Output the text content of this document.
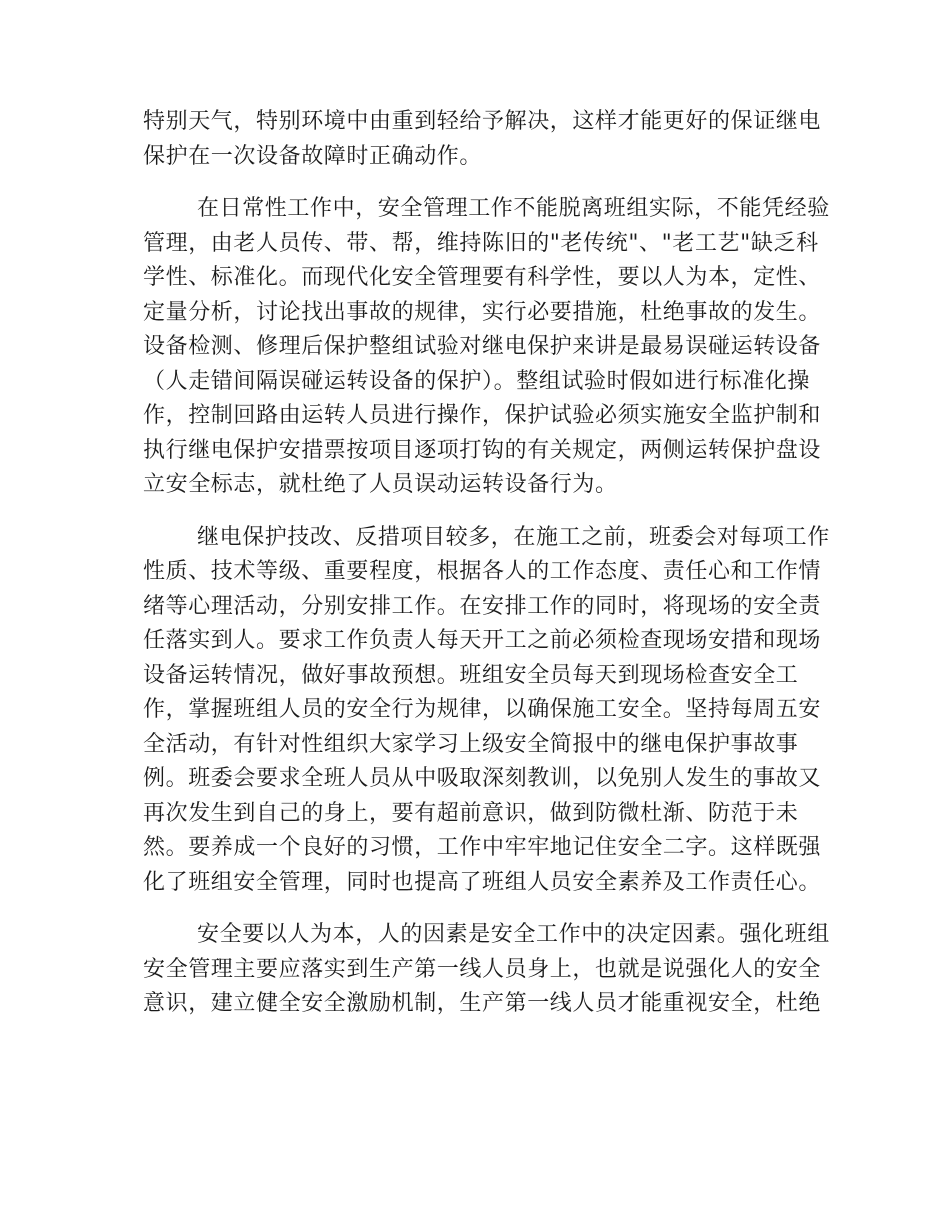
特别天气，特别环境中由重到轻给予解决，这样才能更好的保证继电
保护在一次设备故障时正确动作。

在日常性工作中，安全管理工作不能脱离班组实际，不能凭经验
管理，由老人员传、带、帮，维持陈旧的"老传统"、"老工艺"缺乏科
学性、标准化。而现代化安全管理要有科学性，要以人为本，定性、
定量分析，讨论找出事故的规律，实行必要措施，杜绝事故的发生。
设备检测、修理后保护整组试验对继电保护来讲是最易误碰运转设备
（人走错间隔误碰运转设备的保护）。整组试验时假如进行标准化操
作，控制回路由运转人员进行操作，保护试验必须实施安全监护制和
执行继电保护安措票按项目逐项打钩的有关规定，两侧运转保护盘设
立安全标志，就杜绝了人员误动运转设备行为。

继电保护技改、反措项目较多，在施工之前，班委会对每项工作
性质、技术等级、重要程度，根据各人的工作态度、责任心和工作情
绪等心理活动，分别安排工作。在安排工作的同时，将现场的安全责
任落实到人。要求工作负责人每天开工之前必须检查现场安措和现场
设备运转情况，做好事故预想。班组安全员每天到现场检查安全工
作，掌握班组人员的安全行为规律，以确保施工安全。坚持每周五安
全活动，有针对性组织大家学习上级安全简报中的继电保护事故事
例。班委会要求全班人员从中吸取深刻教训，以免别人发生的事故又
再次发生到自己的身上，要有超前意识，做到防微杜渐、防范于未
然。要养成一个良好的习惯，工作中牢牢地记住安全二字。这样既强
化了班组安全管理，同时也提高了班组人员安全素养及工作责任心。

安全要以人为本，人的因素是安全工作中的决定因素。强化班组
安全管理主要应落实到生产第一线人员身上，也就是说强化人的安全
意识，建立健全安全激励机制，生产第一线人员才能重视安全，杜绝
